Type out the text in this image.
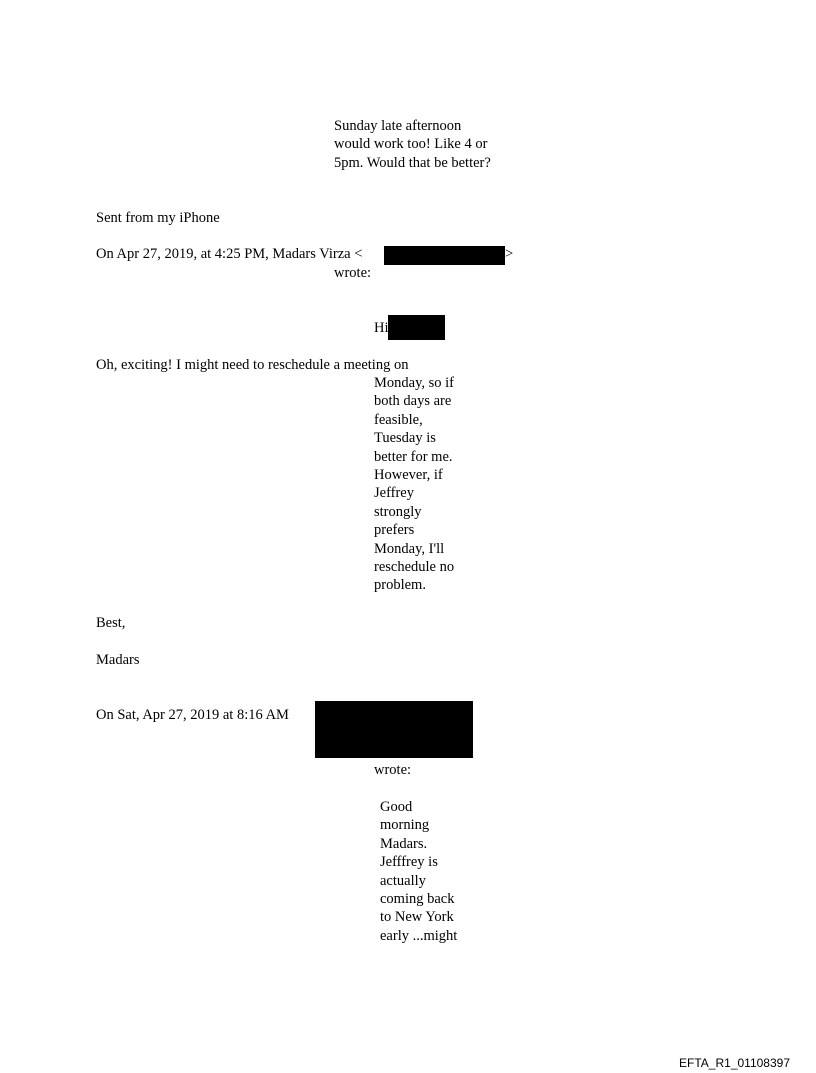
Sunday late afternoon
would work too! Like 4 or
5pm. Would that be better?
Sent from my iPhone
On Apr 27, 2019, at 4:25 PM, Madars Virza <	>
wrote:
Hi
Oh, exciting! I might need to reschedule a meeting on
Monday, so if
both days are
feasible,
Tuesday is
better for me.
However, if
Jeffrey
strongly
prefers
Monday, I'll
reschedule no
problem.
Best,
Madars
On Sat, Apr 27, 2019 at 8:16 AM
wrote:
Good
morning
Madars.
Jefffrey is
actually
coming back
to New York
early ...might
EFTA_R1_01108397
